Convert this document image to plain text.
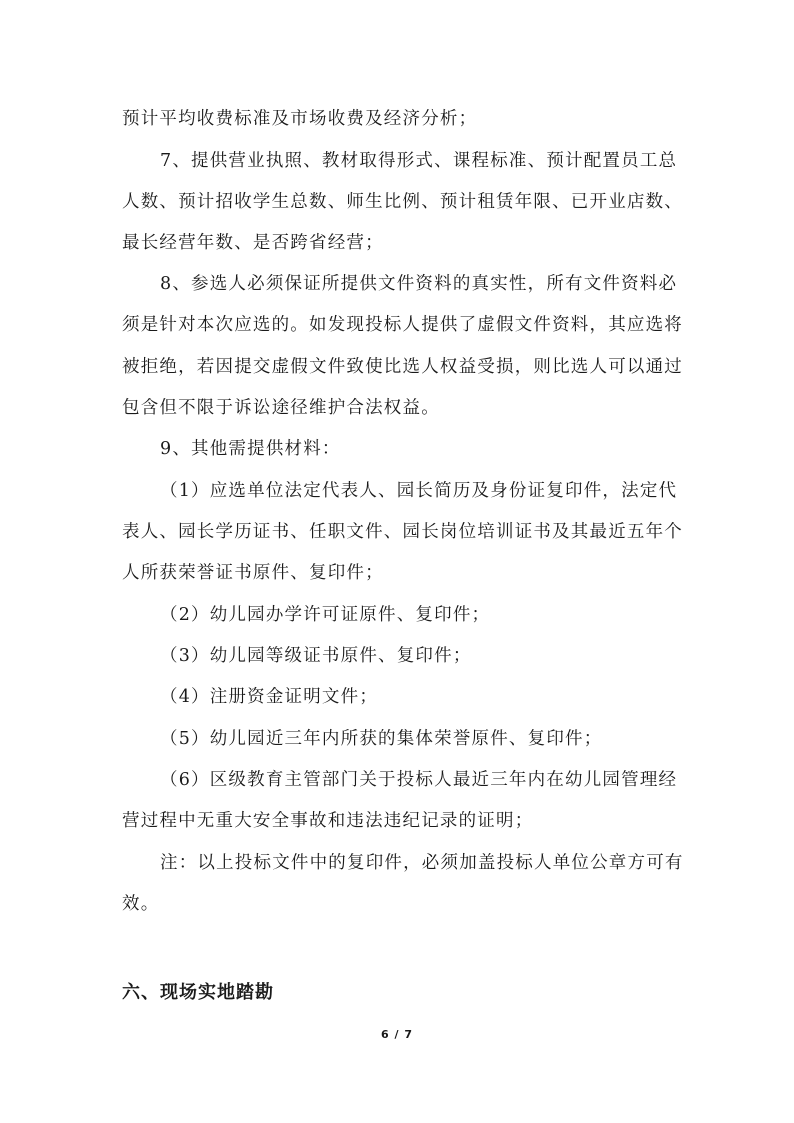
预计平均收费标准及市场收费及经济分析；
7、提供营业执照、教材取得形式、课程标准、预计配置员工总
人数、预计招收学生总数、师生比例、预计租赁年限、已开业店数、
最长经营年数、是否跨省经营；
8、参选人必须保证所提供文件资料的真实性，所有文件资料必
须是针对本次应选的。如发现投标人提供了虚假文件资料，其应选将
被拒绝，若因提交虚假文件致使比选人权益受损，则比选人可以通过
包含但不限于诉讼途径维护合法权益。
9、其他需提供材料：
（1）应选单位法定代表人、园长简历及身份证复印件，法定代
表人、园长学历证书、任职文件、园长岗位培训证书及其最近五年个
人所获荣誉证书原件、复印件；
（2）幼儿园办学许可证原件、复印件；
（3）幼儿园等级证书原件、复印件；
（4）注册资金证明文件；
（5）幼儿园近三年内所获的集体荣誉原件、复印件；
（6）区级教育主管部门关于投标人最近三年内在幼儿园管理经
营过程中无重大安全事故和违法违纪记录的证明；
注：以上投标文件中的复印件，必须加盖投标人单位公章方可有
效。
六、现场实地踏勘
6 / 7
